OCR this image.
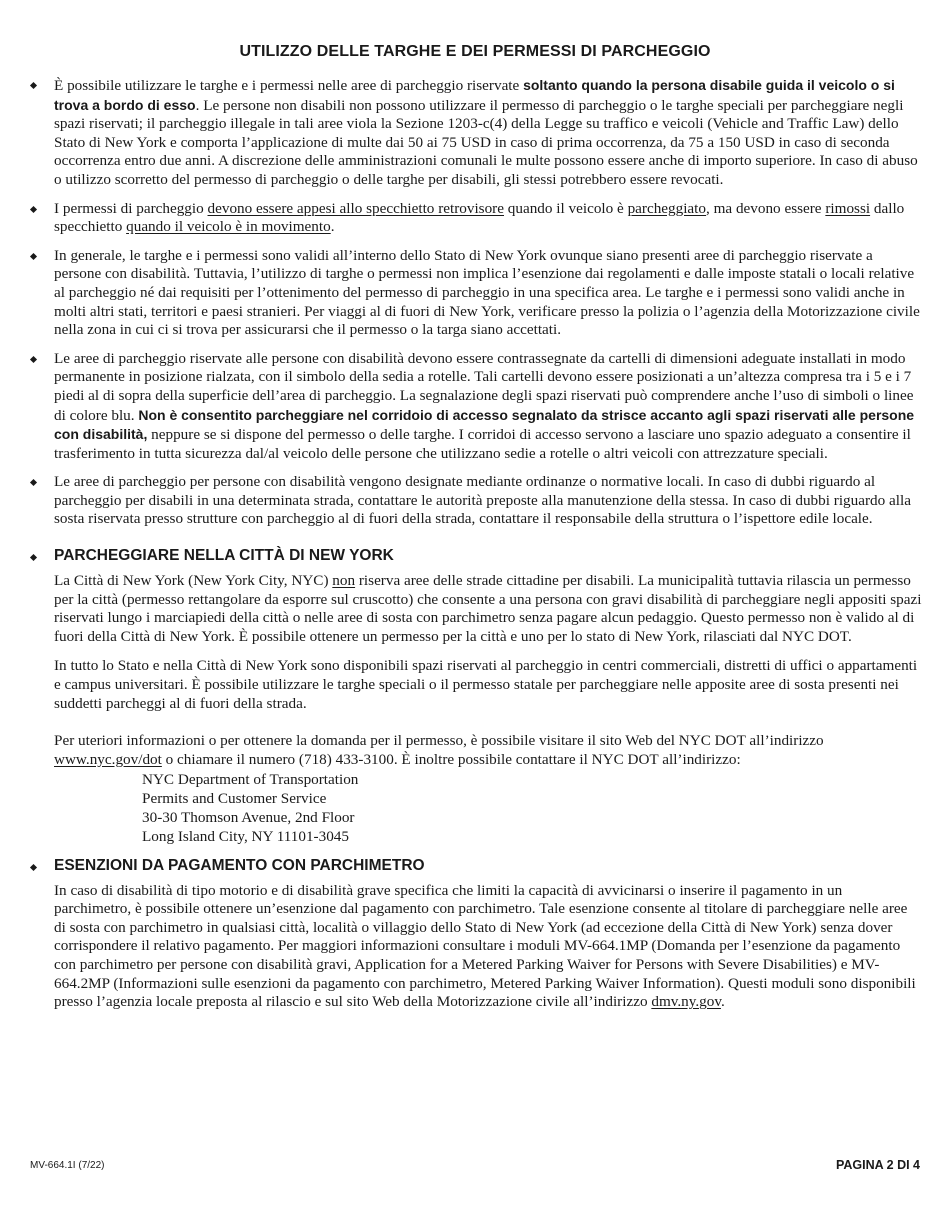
UTILIZZO DELLE TARGHE E DEI PERMESSI DI PARCHEGGIO

È possibile utilizzare le targhe e i permessi nelle aree di parcheggio riservate soltanto quando la persona disabile guida il veicolo o si trova a bordo di esso. Le persone non disabili non possono utilizzare il permesso di parcheggio o le targhe speciali per parcheggiare negli spazi riservati; il parcheggio illegale in tali aree viola la Sezione 1203-c(4) della Legge su traffico e veicoli (Vehicle and Traffic Law) dello Stato di New York e comporta l’applicazione di multe dai 50 ai 75 USD in caso di prima occorrenza, da 75 a 150 USD in caso di seconda occorrenza entro due anni. A discrezione delle amministrazioni comunali le multe possono essere anche di importo superiore. In caso di abuso o utilizzo scorretto del permesso di parcheggio o delle targhe per disabili, gli stessi potrebbero essere revocati.

I permessi di parcheggio devono essere appesi allo specchietto retrovisore quando il veicolo è parcheggiato, ma devono essere rimossi dallo specchietto quando il veicolo è in movimento.

In generale, le targhe e i permessi sono validi all’interno dello Stato di New York ovunque siano presenti aree di parcheggio riservate a persone con disabilità. Tuttavia, l’utilizzo di targhe o permessi non implica l’esenzione dai regolamenti e dalle imposte statali o locali relative al parcheggio né dai requisiti per l’ottenimento del permesso di parcheggio in una specifica area. Le targhe e i permessi sono validi anche in molti altri stati, territori e paesi stranieri. Per viaggi al di fuori di New York, verificare presso la polizia o l’agenzia della Motorizzazione civile nella zona in cui ci si trova per assicurarsi che il permesso o la targa siano accettati.

Le aree di parcheggio riservate alle persone con disabilità devono essere contrassegnate da cartelli di dimensioni adeguate installati in modo permanente in posizione rialzata, con il simbolo della sedia a rotelle. Tali cartelli devono essere posizionati a un’altezza compresa tra i 5 e i 7 piedi al di sopra della superficie dell’area di parcheggio. La segnalazione degli spazi riservati può comprendere anche l’uso di simboli o linee di colore blu. Non è consentito parcheggiare nel corridoio di accesso segnalato da strisce accanto agli spazi riservati alle persone con disabilità, neppure se si dispone del permesso o delle targhe. I corridoi di accesso servono a lasciare uno spazio adeguato a consentire il trasferimento in tutta sicurezza dal/al veicolo delle persone che utilizzano sedie a rotelle o altri veicoli con attrezzature speciali.

Le aree di parcheggio per persone con disabilità vengono designate mediante ordinanze o normative locali. In caso di dubbi riguardo al parcheggio per disabili in una determinata strada, contattare le autorità preposte alla manutenzione della stessa. In caso di dubbi riguardo alla sosta riservata presso strutture con parcheggio al di fuori della strada, contattare il responsabile della struttura o l’ispettore edile locale.

PARCHEGGIARE NELLA CITTÀ DI NEW YORK

La Città di New York (New York City, NYC) non riserva aree delle strade cittadine per disabili. La municipalità tuttavia rilascia un permesso per la città (permesso rettangolare da esporre sul cruscotto) che consente a una persona con gravi disabilità di parcheggiare negli appositi spazi riservati lungo i marciapiedi della città o nelle aree di sosta con parchimetro senza pagare alcun pedaggio. Questo permesso non è valido al di fuori della Città di New York. È possibile ottenere un permesso per la città e uno per lo stato di New York, rilasciati dal NYC DOT.

In tutto lo Stato e nella Città di New York sono disponibili spazi riservati al parcheggio in centri commerciali, distretti di uffici o appartamenti e campus universitari. È possibile utilizzare le targhe speciali o il permesso statale per parcheggiare nelle apposite aree di sosta presenti nei suddetti parcheggi al di fuori della strada.

Per uteriori informazioni o per ottenere la domanda per il permesso, è possibile visitare il sito Web del NYC DOT all’indirizzo www.nyc.gov/dot o chiamare il numero (718) 433-3100. È inoltre possibile contattare il NYC DOT all’indirizzo:

NYC Department of Transportation
Permits and Customer Service
30-30 Thomson Avenue, 2nd Floor
Long Island City, NY 11101-3045
ESENZIONI DA PAGAMENTO CON PARCHIMETRO

In caso di disabilità di tipo motorio e di disabilità grave specifica che limiti la capacità di avvicinarsi o inserire il pagamento in un parchimetro, è possibile ottenere un’esenzione dal pagamento con parchimetro. Tale esenzione consente al titolare di parcheggiare nelle aree di sosta con parchimetro in qualsiasi città, località o villaggio dello Stato di New York (ad eccezione della Città di New York) senza dover corrispondere il relativo pagamento. Per maggiori informazioni consultare i moduli MV-664.1MP (Domanda per l’esenzione da pagamento con parchimetro per persone con disabilità gravi, Application for a Metered Parking Waiver for Persons with Severe Disabilities) e MV-664.2MP (Informazioni sulle esenzioni da pagamento con parchimetro, Metered Parking Waiver Information). Questi moduli sono disponibili presso l’agenzia locale preposta al rilascio e sul sito Web della Motorizzazione civile all’indirizzo dmv.ny.gov.

MV-664.1I (7/22)	PAGINA 2 DI 4
